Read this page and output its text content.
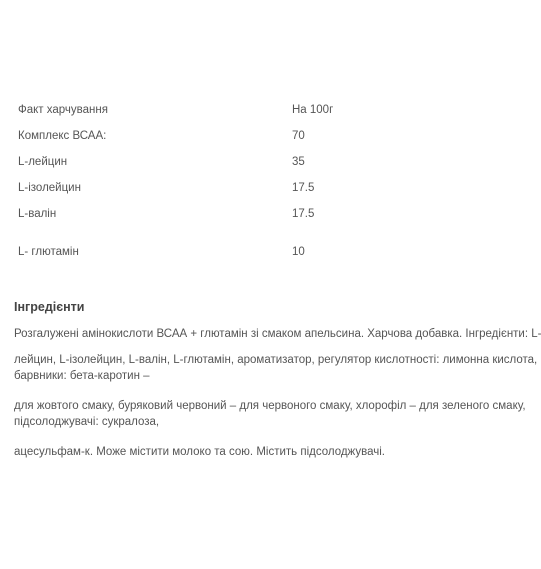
Факт харчування	На 100г
Комплекс ВСАА:	70
L-лейцин	35
L-ізолейцин	17.5
L-валін	17.5
L- глютамін	10
Інгредієнти
Розгалужені амінокислоти ВСАА + глютамін зі смаком апельсина. Харчова добавка. Інгредієнти: L-
лейцин, L-ізолейцин, L-валін, L-глютамін, ароматизатор, регулятор кислотності: лимонна кислота,
барвники: бета-каротин –
для жовтого смаку, буряковий червоний – для червоного смаку, хлорофіл – для зеленого смаку,
підсолоджувачі: сукралоза,
ацесульфам-к. Може містити молоко та сою. Містить підсолоджувачі.
